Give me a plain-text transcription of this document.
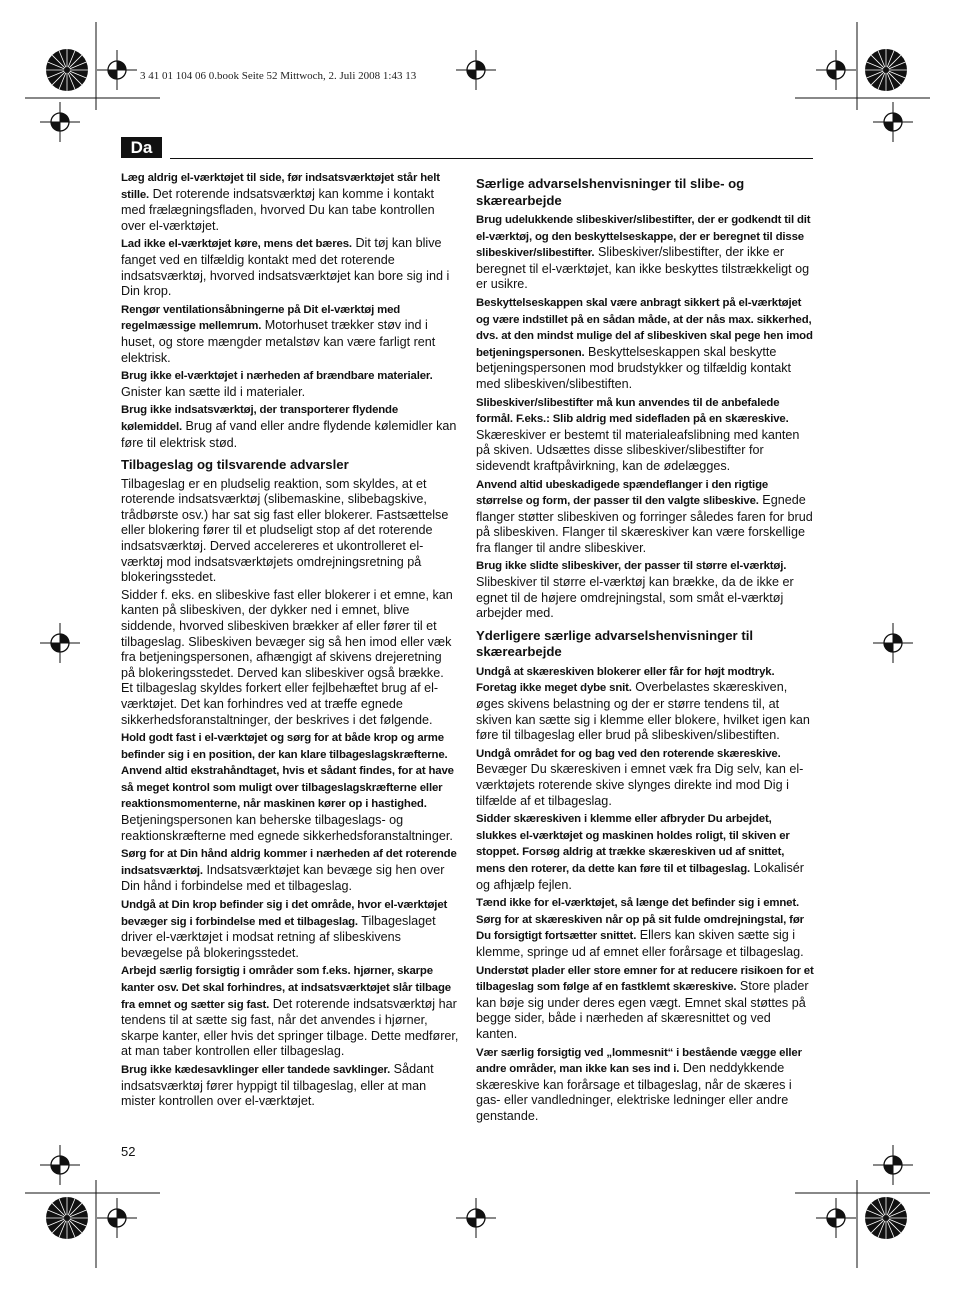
3 41 01 104 06 0.book Seite 52 Mittwoch, 2. Juli 2008 1:43 13
Da

Læg aldrig el-værktøjet til side, før indsatsværktøjet står helt stille. Det roterende indsatsværktøj kan komme i kontakt med frælægningsfladen, hvorved Du kan tabe kontrollen over el-værktøjet.

Lad ikke el-værktøjet køre, mens det bæres. Dit tøj kan blive fanget ved en tilfældig kontakt med det roterende indsatsværktøj, hvorved indsatsværktøjet kan bore sig ind i Din krop.

Rengør ventilationsåbningerne på Dit el-værktøj med regelmæssige mellemrum. Motorhuset trækker støv ind i huset, og store mængder metalstøv kan være farligt rent elektrisk.

Brug ikke el-værktøjet i nærheden af brændbare materialer. Gnister kan sætte ild i materialer.

Brug ikke indsatsværktøj, der transporterer flydende kølemiddel. Brug af vand eller andre flydende kølemidler kan føre til elektrisk stød.

Tilbageslag og tilsvarende advarsler

Tilbageslag er en pludselig reaktion, som skyldes, at et roterende indsatsværktøj (slibemaskine, slibebagskive, trådbørste osv.) har sat sig fast eller blokerer. Fastsættelse eller blokering fører til et pludseligt stop af det roterende indsatsværktøj. Derved accelereres et ukontrolleret el-værktøj mod indsatsværktøjets omdrejningsretning på blokeringsstedet.

Sidder f. eks. en slibeskive fast eller blokerer i et emne, kan kanten på slibeskiven, der dykker ned i emnet, blive siddende, hvorved slibeskiven brækker af eller fører til et tilbageslag. Slibeskiven bevæger sig så hen imod eller væk fra betjeningspersonen, afhængigt af skivens drejeretning på blokeringsstedet. Derved kan slibeskiver også brække. Et tilbageslag skyldes forkert eller fejlbehæftet brug af el-værktøjet. Det kan forhindres ved at træffe egnede sikkerhedsforanstaltninger, der beskrives i det følgende.

Hold godt fast i el-værktøjet og sørg for at både krop og arme befinder sig i en position, der kan klare tilbageslagskræfterne. Anvend altid ekstrahåndtaget, hvis et sådant findes, for at have så meget kontrol som muligt over tilbageslagskræfterne eller reaktionsmomenterne, når maskinen kører op i hastighed. Betjeningspersonen kan beherske tilbageslags- og reaktionskræfterne med egnede sikkerhedsforanstaltninger.

Sørg for at Din hånd aldrig kommer i nærheden af det roterende indsatsværktøj. Indsatsværktøjet kan bevæge sig hen over Din hånd i forbindelse med et tilbageslag.

Undgå at Din krop befinder sig i det område, hvor el-værktøjet bevæger sig i forbindelse med et tilbageslag. Tilbageslaget driver el-værktøjet i modsat retning af slibeskivens bevægelse på blokeringsstedet.

Arbejd særlig forsigtig i områder som f.eks. hjørner, skarpe kanter osv. Det skal forhindres, at indsatsværktøjet slår tilbage fra emnet og sætter sig fast. Det roterende indsatsværktøj har tendens til at sætte sig fast, når det anvendes i hjørner, skarpe kanter, eller hvis det springer tilbage. Dette medfører, at man taber kontrollen eller tilbageslag.

Brug ikke kædesavklinger eller tandede savklinger. Sådant indsatsværktøj fører hyppigt til tilbageslag, eller at man mister kontrollen over el-værktøjet.

Særlige advarselshenvisninger til slibe- og skærearbejde

Brug udelukkende slibeskiver/slibestifter, der er godkendt til dit el-værktøj, og den beskyttelseskappe, der er beregnet til disse slibeskiver/slibestifter. Slibeskiver/slibestifter, der ikke er beregnet til el-værktøjet, kan ikke beskyttes tilstrækkeligt og er usikre.

Beskyttelseskappen skal være anbragt sikkert på el-værktøjet og være indstillet på en sådan måde, at der nås max. sikkerhed, dvs. at den mindst mulige del af slibeskiven skal pege hen imod betjeningspersonen. Beskyttelseskappen skal beskytte betjeningspersonen mod brudstykker og tilfældig kontakt med slibeskiven/slibestiften.

Slibeskiver/slibestifter må kun anvendes til de anbefalede formål. F.eks.: Slib aldrig med sidefladen på en skæreskive. Skæreskiver er bestemt til materialeafslibning med kanten på skiven. Udsættes disse slibeskiver/slibestifter for sidevendt kraftpåvirkning, kan de ødelægges.

Anvend altid ubeskadigede spændeflanger i den rigtige størrelse og form, der passer til den valgte slibeskive. Egnede flanger støtter slibeskiven og forringer således faren for brud på slibeskiven. Flanger til skæreskiver kan være forskellige fra flanger til andre slibeskiver.

Brug ikke slidte slibeskiver, der passer til større el-værktøj. Slibeskiver til større el-værktøj kan brække, da de ikke er egnet til de højere omdrejningstal, som småt el-værktøj arbejder med.

Yderligere særlige advarselshenvisninger til skærearbejde

Undgå at skæreskiven blokerer eller får for højt modtryk. Foretag ikke meget dybe snit. Overbelastes skæreskiven, øges skivens belastning og der er større tendens til, at skiven kan sætte sig i klemme eller blokere, hvilket igen kan føre til tilbageslag eller brud på slibeskiven/slibestiften.

Undgå området for og bag ved den roterende skæreskive. Bevæger Du skæreskiven i emnet væk fra Dig selv, kan el-værktøjets roterende skive slynges direkte ind mod Dig i tilfælde af et tilbageslag.

Sidder skæreskiven i klemme eller afbryder Du arbejdet, slukkes el-værktøjet og maskinen holdes roligt, til skiven er stoppet. Forsøg aldrig at trække skæreskiven ud af snittet, mens den roterer, da dette kan føre til et tilbageslag. Lokalisér og afhjælp fejlen.

Tænd ikke for el-værktøjet, så længe det befinder sig i emnet. Sørg for at skæreskiven når op på sit fulde omdrejningstal, før Du forsigtigt fortsætter snittet. Ellers kan skiven sætte sig i klemme, springe ud af emnet eller forårsage et tilbageslag.

Understøt plader eller store emner for at reducere risikoen for et tilbageslag som følge af en fastklemt skæreskive. Store plader kan bøje sig under deres egen vægt. Emnet skal støttes på begge sider, både i nærheden af skæresnittet og ved kanten.

Vær særlig forsigtig ved „lommesnit“ i bestående vægge eller andre områder, man ikke kan ses ind i. Den neddykkende skæreskive kan forårsage et tilbageslag, når de skæres i gas- eller vandledninger, elektriske ledninger eller andre genstande.

52
